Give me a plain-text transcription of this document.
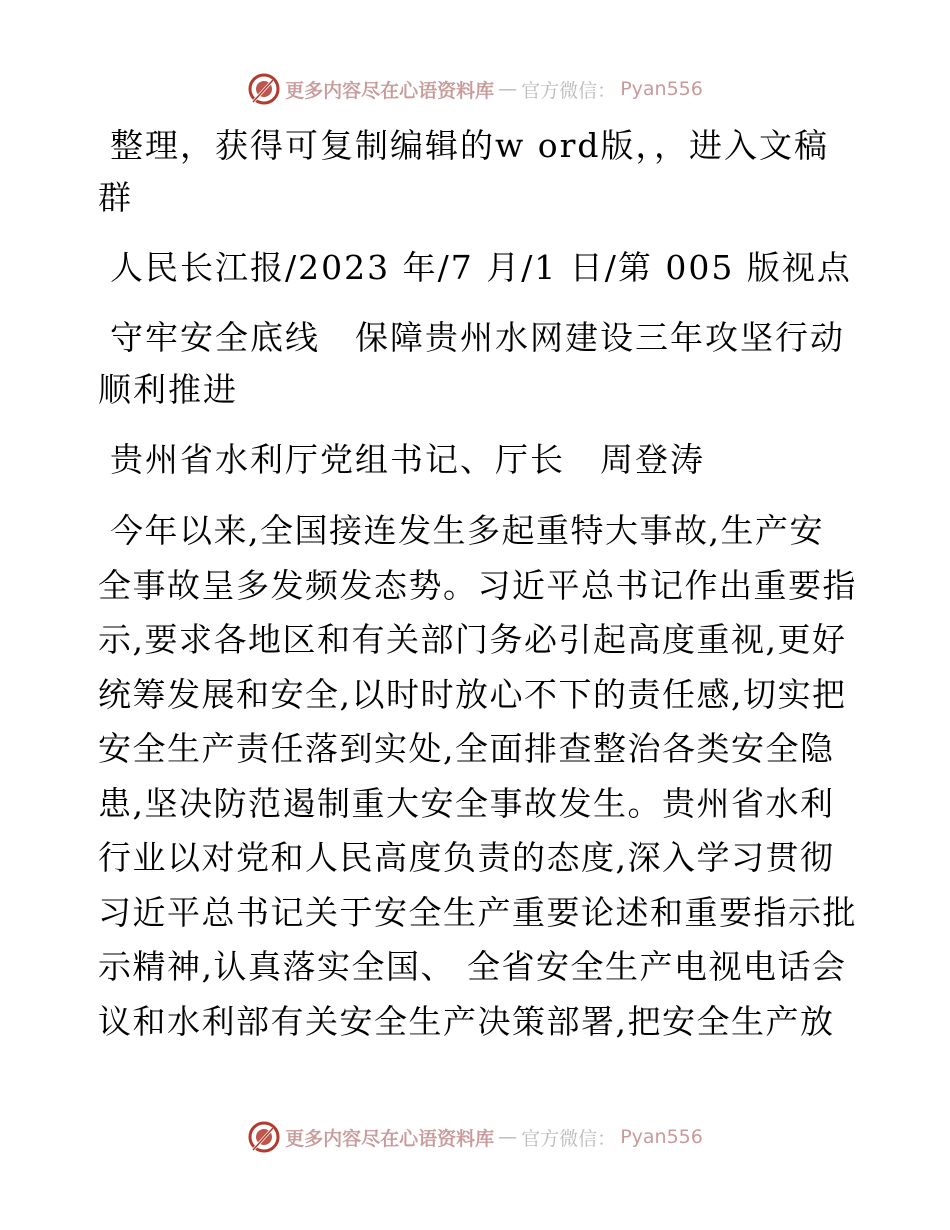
更多内容尽在心语资料库 — 官方微信： Pyan556

整理，获得可复制编辑的w ord版，，进入文稿群

人民长江报/2023 年/7 月/1 日/第 005 版视点

守牢安全底线　保障贵州水网建设三年攻坚行动顺利推进

贵州省水利厅党组书记、厅长　周登涛

今年以来,全国接连发生多起重特大事故,生产安全事故呈多发频发态势。习近平总书记作出重要指示,要求各地区和有关部门务必引起高度重视,更好统筹发展和安全,以时时放心不下的责任感,切实把安全生产责任落到实处,全面排查整治各类安全隐患,坚决防范遏制重大安全事故发生。贵州省水利行业以对党和人民高度负责的态度,深入学习贯彻习近平总书记关于安全生产重要论述和重要指示批示精神,认真落实全国、 全省安全生产电视电话会议和水利部有关安全生产决策部署,把安全生产放

更多内容尽在心语资料库 — 官方微信： Pyan556
